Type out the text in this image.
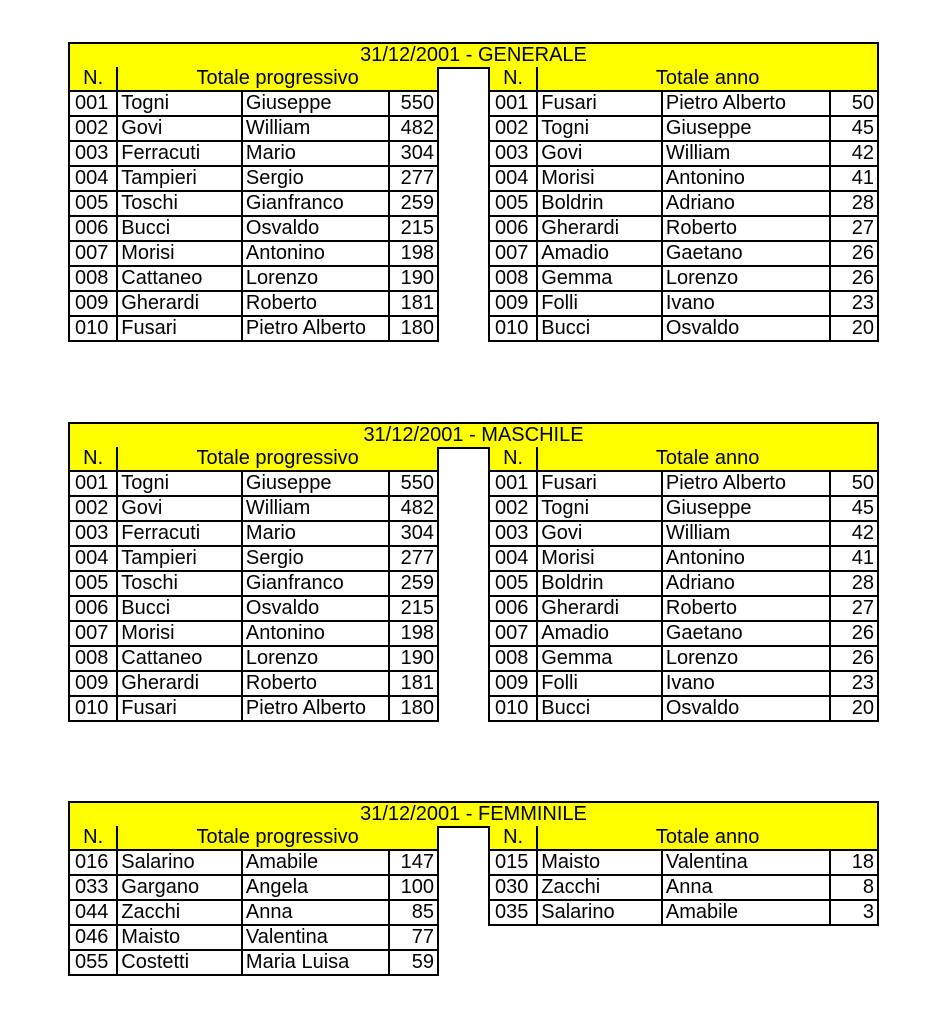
31/12/2001 - GENERALE
N.	Totale progressivo		
001	Togni	Giuseppe	550
002	Govi	William	482
003	Ferracuti	Mario	304
004	Tampieri	Sergio	277
005	Toschi	Gianfranco	259
006	Bucci	Osvaldo	215
007	Morisi	Antonino	198
008	Cattaneo	Lorenzo	190
009	Gherardi	Roberto	181
010	Fusari	Pietro Alberto	180
N.	Totale anno		
001	Fusari	Pietro Alberto	50
002	Togni	Giuseppe	45
003	Govi	William	42
004	Morisi	Antonino	41
005	Boldrin	Adriano	28
006	Gherardi	Roberto	27
007	Amadio	Gaetano	26
008	Gemma	Lorenzo	26
009	Folli	Ivano	23
010	Bucci	Osvaldo	20
31/12/2001 - MASCHILE
N.	Totale progressivo		
001	Togni	Giuseppe	550
002	Govi	William	482
003	Ferracuti	Mario	304
004	Tampieri	Sergio	277
005	Toschi	Gianfranco	259
006	Bucci	Osvaldo	215
007	Morisi	Antonino	198
008	Cattaneo	Lorenzo	190
009	Gherardi	Roberto	181
010	Fusari	Pietro Alberto	180
N.	Totale anno		
001	Fusari	Pietro Alberto	50
002	Togni	Giuseppe	45
003	Govi	William	42
004	Morisi	Antonino	41
005	Boldrin	Adriano	28
006	Gherardi	Roberto	27
007	Amadio	Gaetano	26
008	Gemma	Lorenzo	26
009	Folli	Ivano	23
010	Bucci	Osvaldo	20
31/12/2001 - FEMMINILE
N.	Totale progressivo		
016	Salarino	Amabile	147
033	Gargano	Angela	100
044	Zacchi	Anna	85
046	Maisto	Valentina	77
055	Costetti	Maria Luisa	59
N.	Totale anno		
015	Maisto	Valentina	18
030	Zacchi	Anna	8
035	Salarino	Amabile	3
